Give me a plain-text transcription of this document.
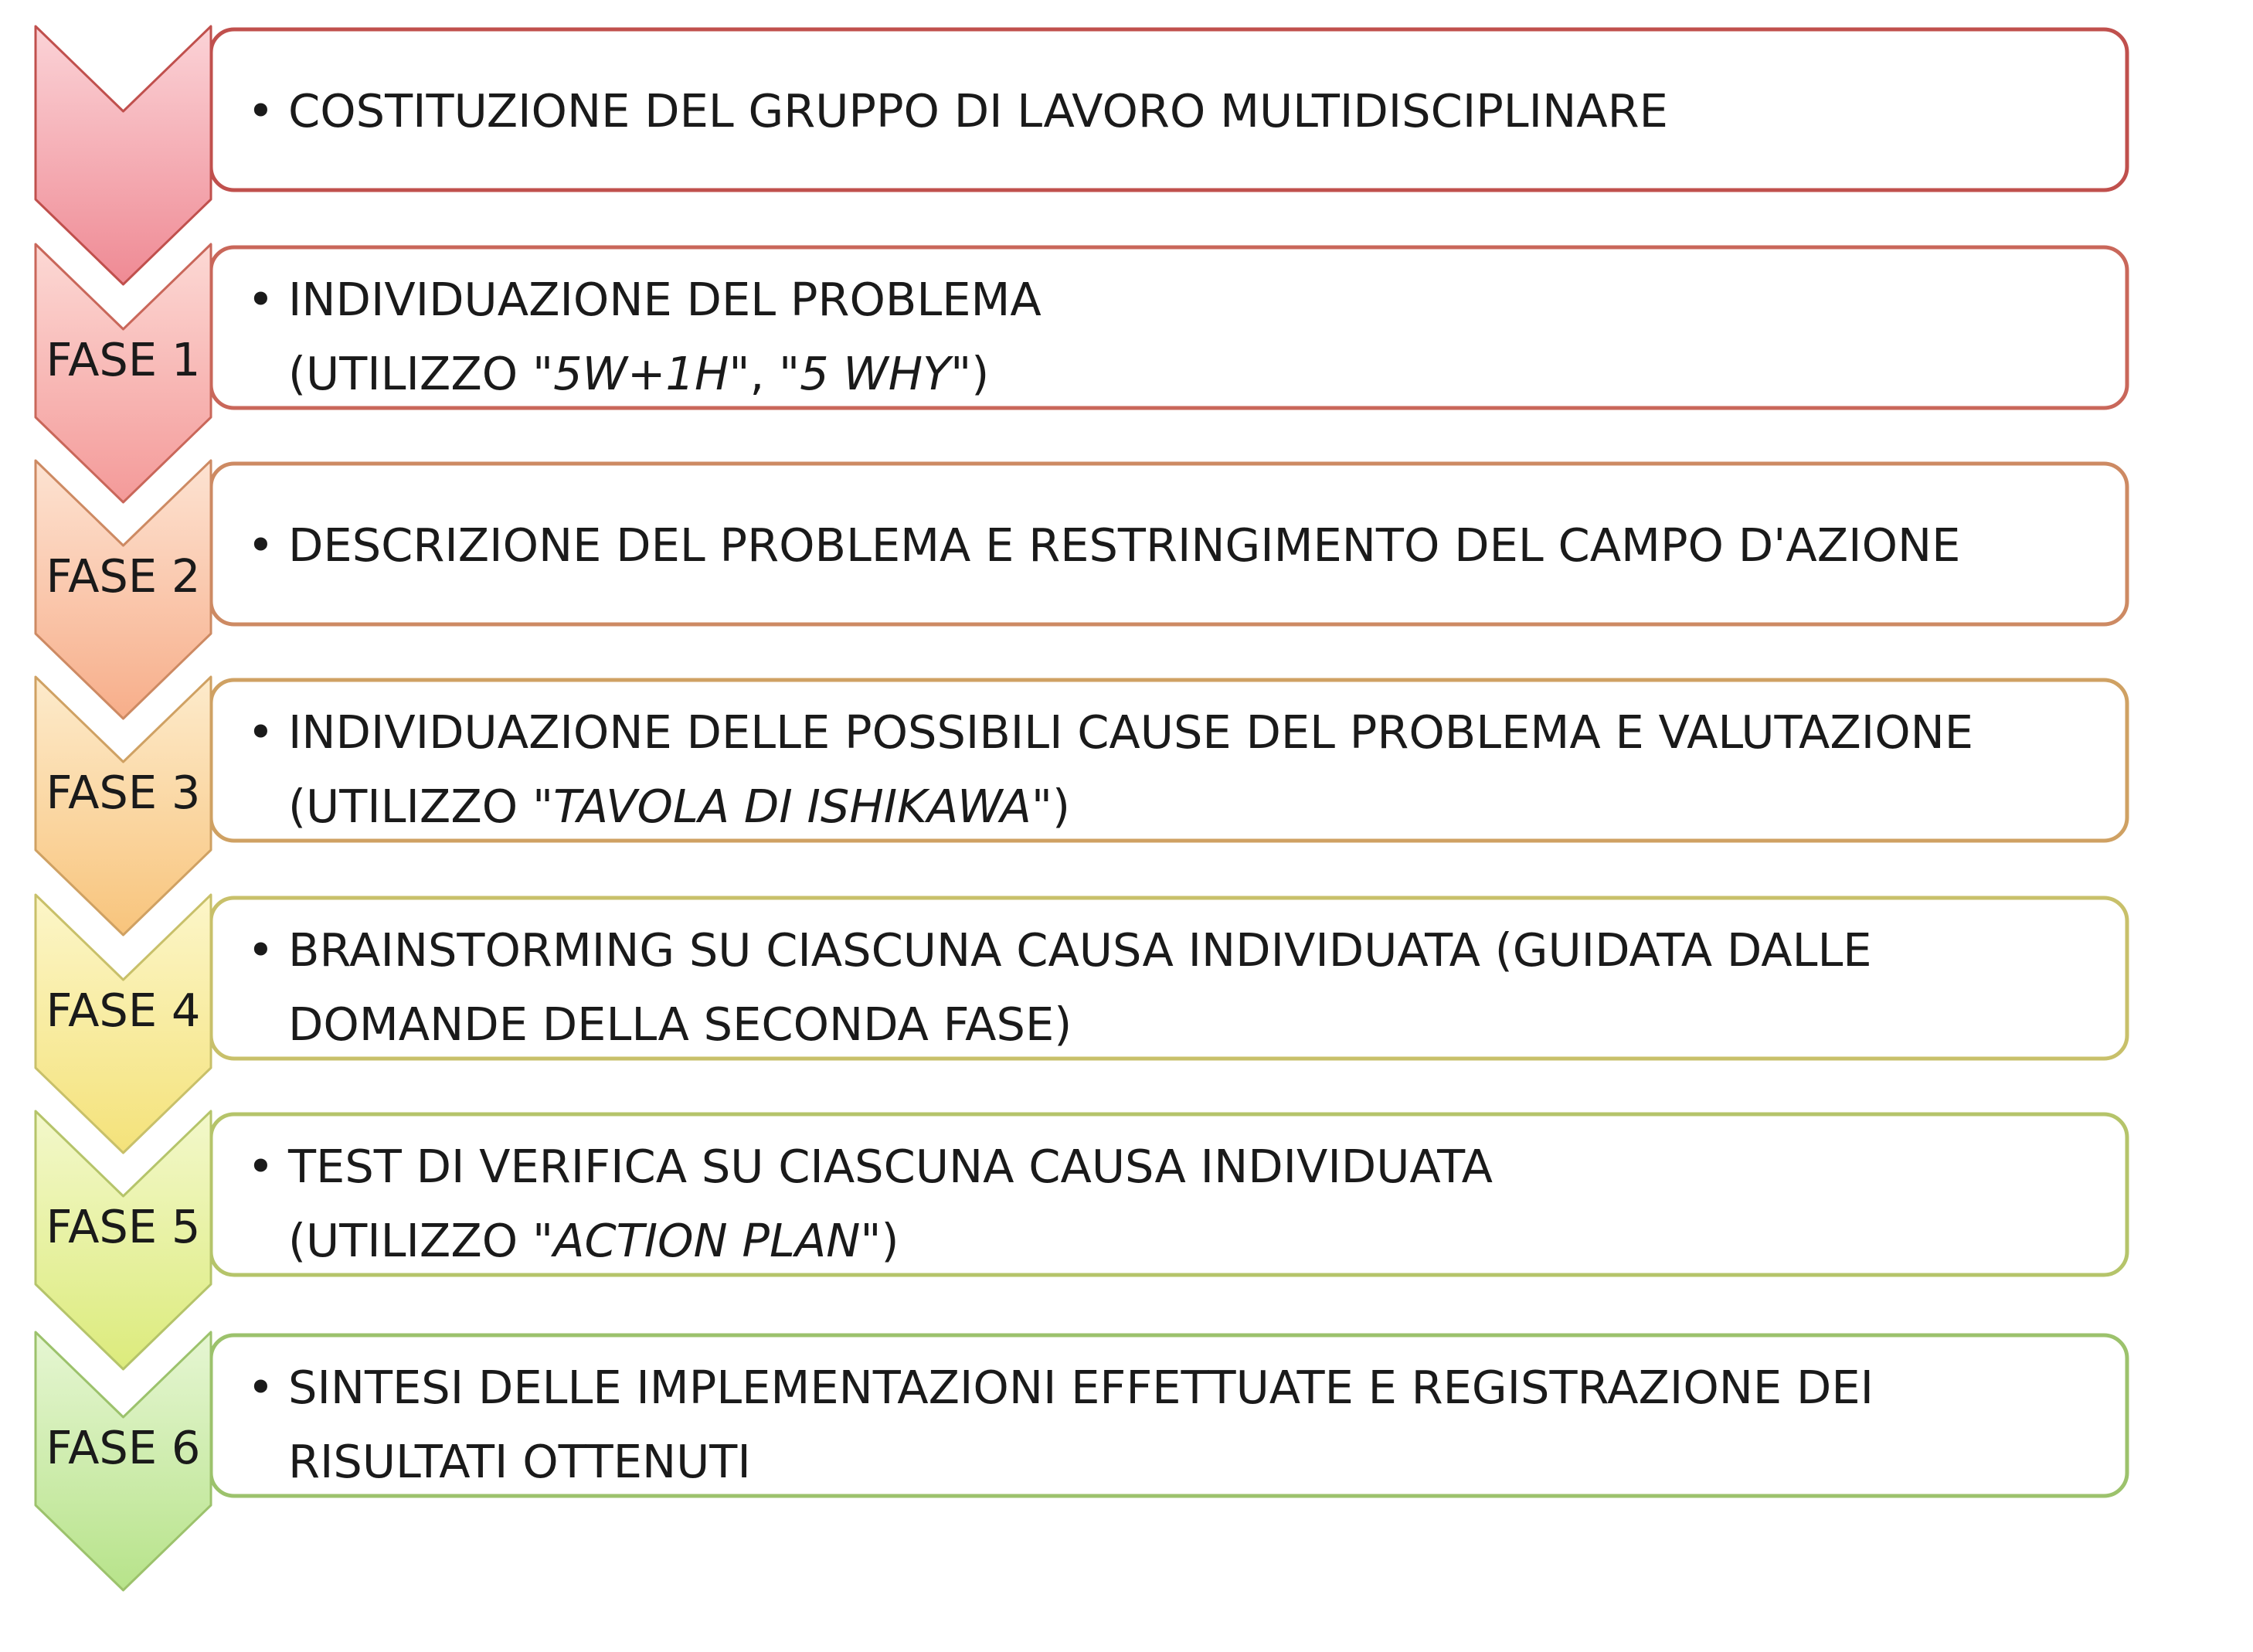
• COSTITUZIONE DEL GRUPPO DI LAVORO MULTIDISCIPLINARE
• INDIVIDUAZIONE DEL PROBLEMA
(UTILIZZO "5W+1H", "5 WHY")
• DESCRIZIONE DEL PROBLEMA E RESTRINGIMENTO DEL CAMPO D'AZIONE
• INDIVIDUAZIONE DELLE POSSIBILI CAUSE DEL PROBLEMA E VALUTAZIONE
(UTILIZZO "TAVOLA DI ISHIKAWA")
• BRAINSTORMING SU CIASCUNA CAUSA INDIVIDUATA (GUIDATA DALLE
DOMANDE DELLA SECONDA FASE)
• TEST DI VERIFICA SU CIASCUNA CAUSA INDIVIDUATA
(UTILIZZO "ACTION PLAN")
• SINTESI DELLE IMPLEMENTAZIONI EFFETTUATE E REGISTRAZIONE DEI
RISULTATI OTTENUTI
FASE 1
FASE 2
FASE 3
FASE 4
FASE 5
FASE 6
